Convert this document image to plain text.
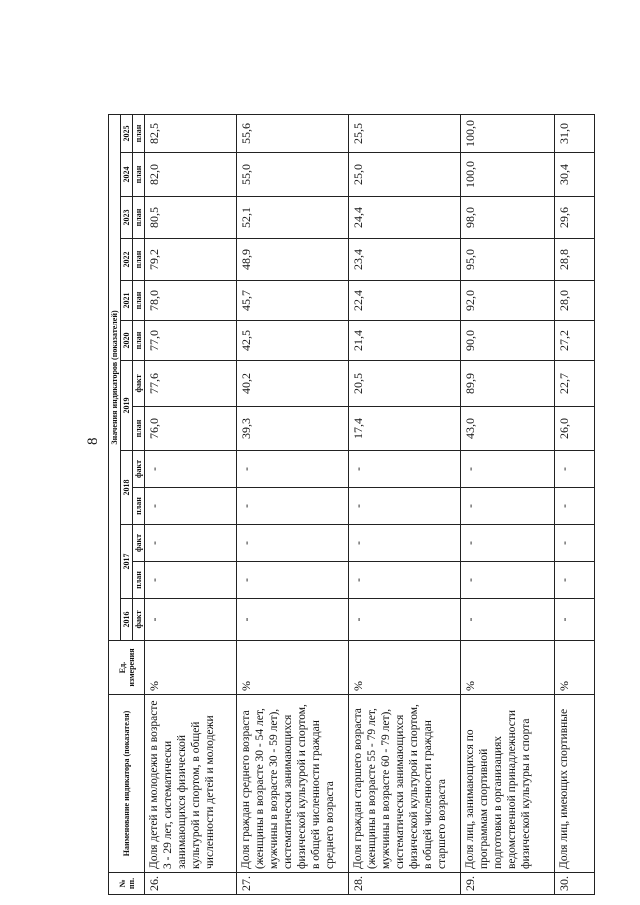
8
№ пп.	Наименование индикатора (показателя)	Ед. измерения	Значения индикаторов (показателей)												
			2016	2017		2018		2019		2020	2021	2022	2023	2024	2025
			факт	план	факт	план	факт	план	факт	план	план	план	план	план	план
26.	Доля детей и молодежи в возрасте 3 - 29 лет, систематически занимающихся физической культурой и спортом, в общей численности детей и молодежи	%	-	-	-	-	-	76,0	77,6	77,0	78,0	79,2	80,5	82,0	82,5
27.	Доля граждан среднего возраста (женщины в возрасте 30 - 54 лет, мужчины в возрасте 30 - 59 лет), систематически занимающихся физической культурой и спортом, в общей численности граждан среднего возраста	%	-	-	-	-	-	39,3	40,2	42,5	45,7	48,9	52,1	55,0	55,6
28.	Доля граждан старшего возраста (женщины в возрасте 55 - 79 лет, мужчины в возрасте 60 - 79 лет), систематически занимающихся физической культурой и спортом, в общей численности граждан старшего возраста	%	-	-	-	-	-	17,4	20,5	21,4	22,4	23,4	24,4	25,0	25,5
29.	Доля лиц, занимающихся по программам спортивной подготовки в организациях ведомственной принадлежности физической культуры и спорта	%	-	-	-	-	-	43,0	89,9	90,0	92,0	95,0	98,0	100,0	100,0
30.	Доля лиц, имеющих спортивные	%	-	-	-	-	-	26,0	22,7	27,2	28,0	28,8	29,6	30,4	31,0
